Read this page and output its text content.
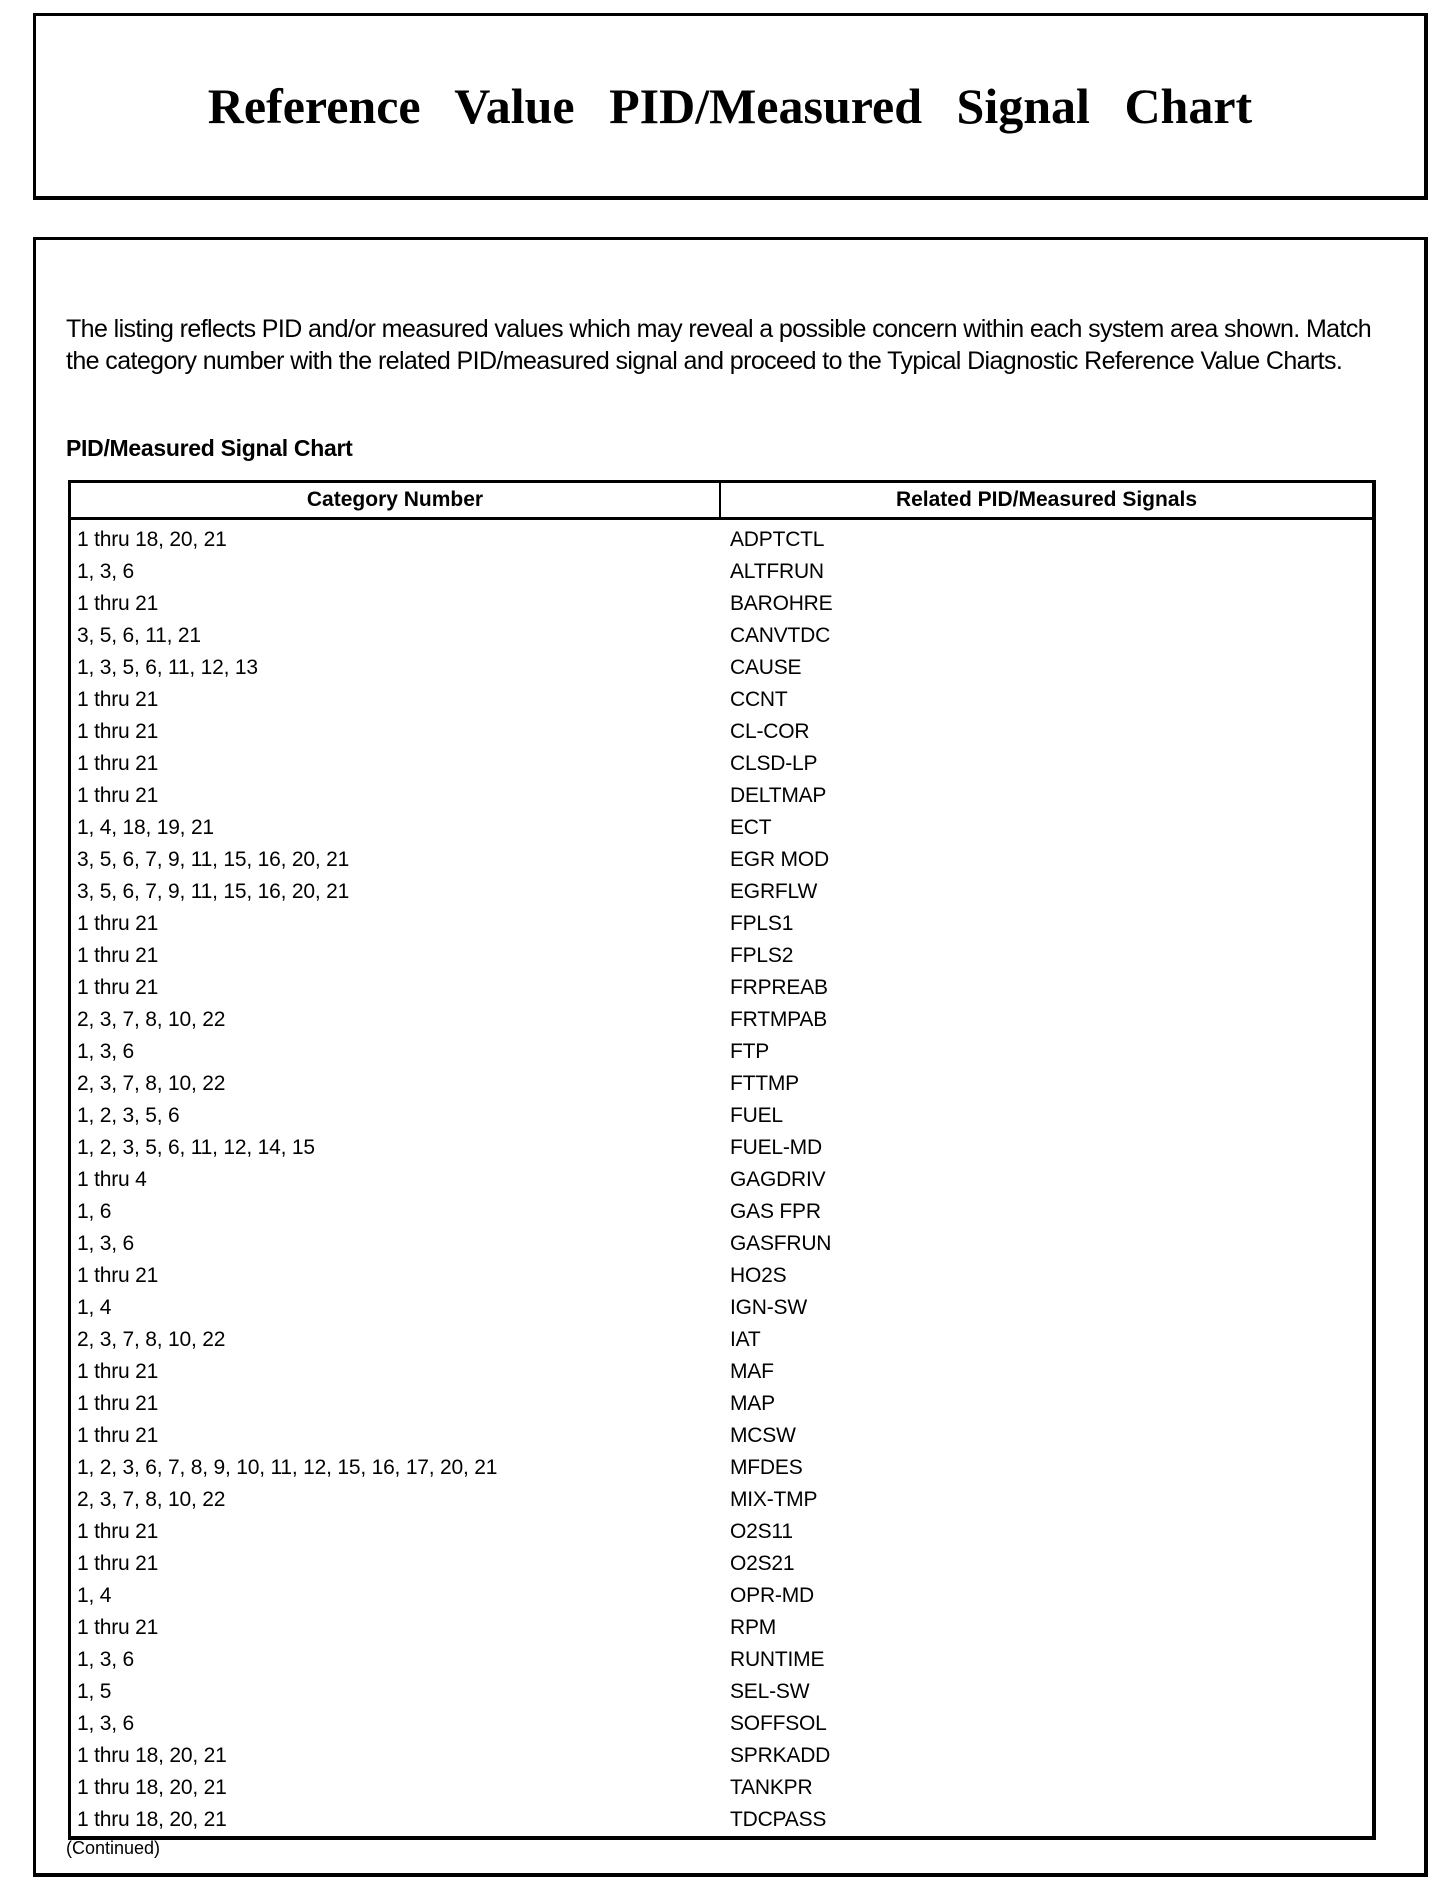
Reference Value PID/Measured Signal Chart
The listing reflects PID and/or measured values which may reveal a possible concern within each system area shown. Match the category number with the related PID/measured signal and proceed to the Typical Diagnostic Reference Value Charts.
PID/Measured Signal Chart
Category Number	Related PID/Measured Signals
1 thru 18, 20, 21	ADPTCTL
1, 3, 6	ALTFRUN
1 thru 21	BAROHRE
3, 5, 6, 11, 21	CANVTDC
1, 3, 5, 6, 11, 12, 13	CAUSE
1 thru 21	CCNT
1 thru 21	CL-COR
1 thru 21	CLSD-LP
1 thru 21	DELTMAP
1, 4, 18, 19, 21	ECT
3, 5, 6, 7, 9, 11, 15, 16, 20, 21	EGR MOD
3, 5, 6, 7, 9, 11, 15, 16, 20, 21	EGRFLW
1 thru 21	FPLS1
1 thru 21	FPLS2
1 thru 21	FRPREAB
2, 3, 7, 8, 10, 22	FRTMPAB
1, 3, 6	FTP
2, 3, 7, 8, 10, 22	FTTMP
1, 2, 3, 5, 6	FUEL
1, 2, 3, 5, 6, 11, 12, 14, 15	FUEL-MD
1 thru 4	GAGDRIV
1, 6	GAS FPR
1, 3, 6	GASFRUN
1 thru 21	HO2S
1, 4	IGN-SW
2, 3, 7, 8, 10, 22	IAT
1 thru 21	MAF
1 thru 21	MAP
1 thru 21	MCSW
1, 2, 3, 6, 7, 8, 9, 10, 11, 12, 15, 16, 17, 20, 21	MFDES
2, 3, 7, 8, 10, 22	MIX-TMP
1 thru 21	O2S11
1 thru 21	O2S21
1, 4	OPR-MD
1 thru 21	RPM
1, 3, 6	RUNTIME
1, 5	SEL-SW
1, 3, 6	SOFFSOL
1 thru 18, 20, 21	SPRKADD
1 thru 18, 20, 21	TANKPR
1 thru 18, 20, 21	TDCPASS
(Continued)
